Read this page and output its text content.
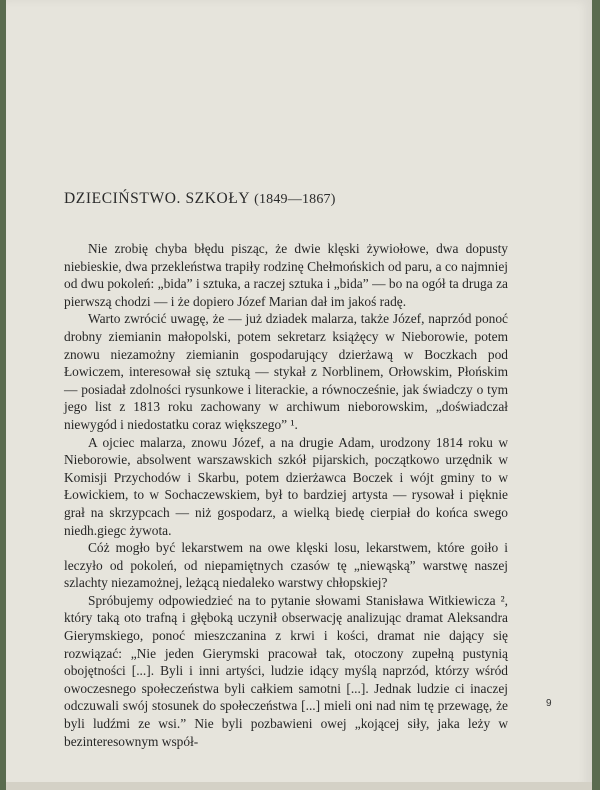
DZIECIŃSTWO. SZKOŁY (1849—1867)

Nie zrobię chyba błędu pisząc, że dwie klęski żywiołowe, dwa dopusty niebieskie, dwa przekleństwa trapiły rodzinę Chełmońskich od paru, a co najmniej od dwu pokoleń: „bida” i sztuka, a raczej sztuka i „bida” — bo na ogół ta druga za pierwszą chodzi — i że dopiero Józef Marian dał im jakoś radę.

Warto zwrócić uwagę, że — już dziadek malarza, także Józef, naprzód ponoć drobny ziemianin małopolski, potem sekretarz książęcy w Nieborowie, potem znowu niezamożny ziemianin gospodarujący dzierżawą w Boczkach pod Łowiczem, interesował się sztuką — stykał z Norblinem, Orłowskim, Płońskim — posiadał zdolności rysunkowe i literackie, a równocześnie, jak świadczy o tym jego list z 1813 roku zachowany w archiwum nieborowskim, „doświadczał niewygód i niedostatku coraz większego” ¹.

A ojciec malarza, znowu Józef, a na drugie Adam, urodzony 1814 roku w Nieborowie, absolwent warszawskich szkół pijarskich, początkowo urzędnik w Komisji Przychodów i Skarbu, potem dzierżawca Boczek i wójt gminy to w Łowickiem, to w Sochaczewskiem, był to bardziej artysta — rysował i pięknie grał na skrzypcach — niż gospodarz, a wielką biedę cierpiał do końca swego niedh.giegc żywota.

Cóż mogło być lekarstwem na owe klęski losu, lekarstwem, które goiło i leczyło od pokoleń, od niepamiętnych czasów tę „niewąską” warstwę naszej szlachty niezamożnej, leżącą niedaleko warstwy chłopskiej?

Spróbujemy odpowiedzieć na to pytanie słowami Stanisława Witkiewicza ², który taką oto trafną i głęboką uczynił obserwację analizując dramat Aleksandra Gierymskiego, ponoć mieszczanina z krwi i kości, dramat nie dający się rozwiązać: „Nie jeden Gierymski pracował tak, otoczony zupełną pustynią obojętności [...]. Byli i inni artyści, ludzie idący myślą naprzód, którzy wśród owoczesnego społeczeństwa byli całkiem samotni [...]. Jednak ludzie ci inaczej odczuwali swój stosunek do społeczeństwa [...] mieli oni nad nim tę przewagę, że byli ludźmi ze wsi.” Nie byli pozbawieni owej „kojącej siły, jaka leży w bezinteresownym współ-

9
